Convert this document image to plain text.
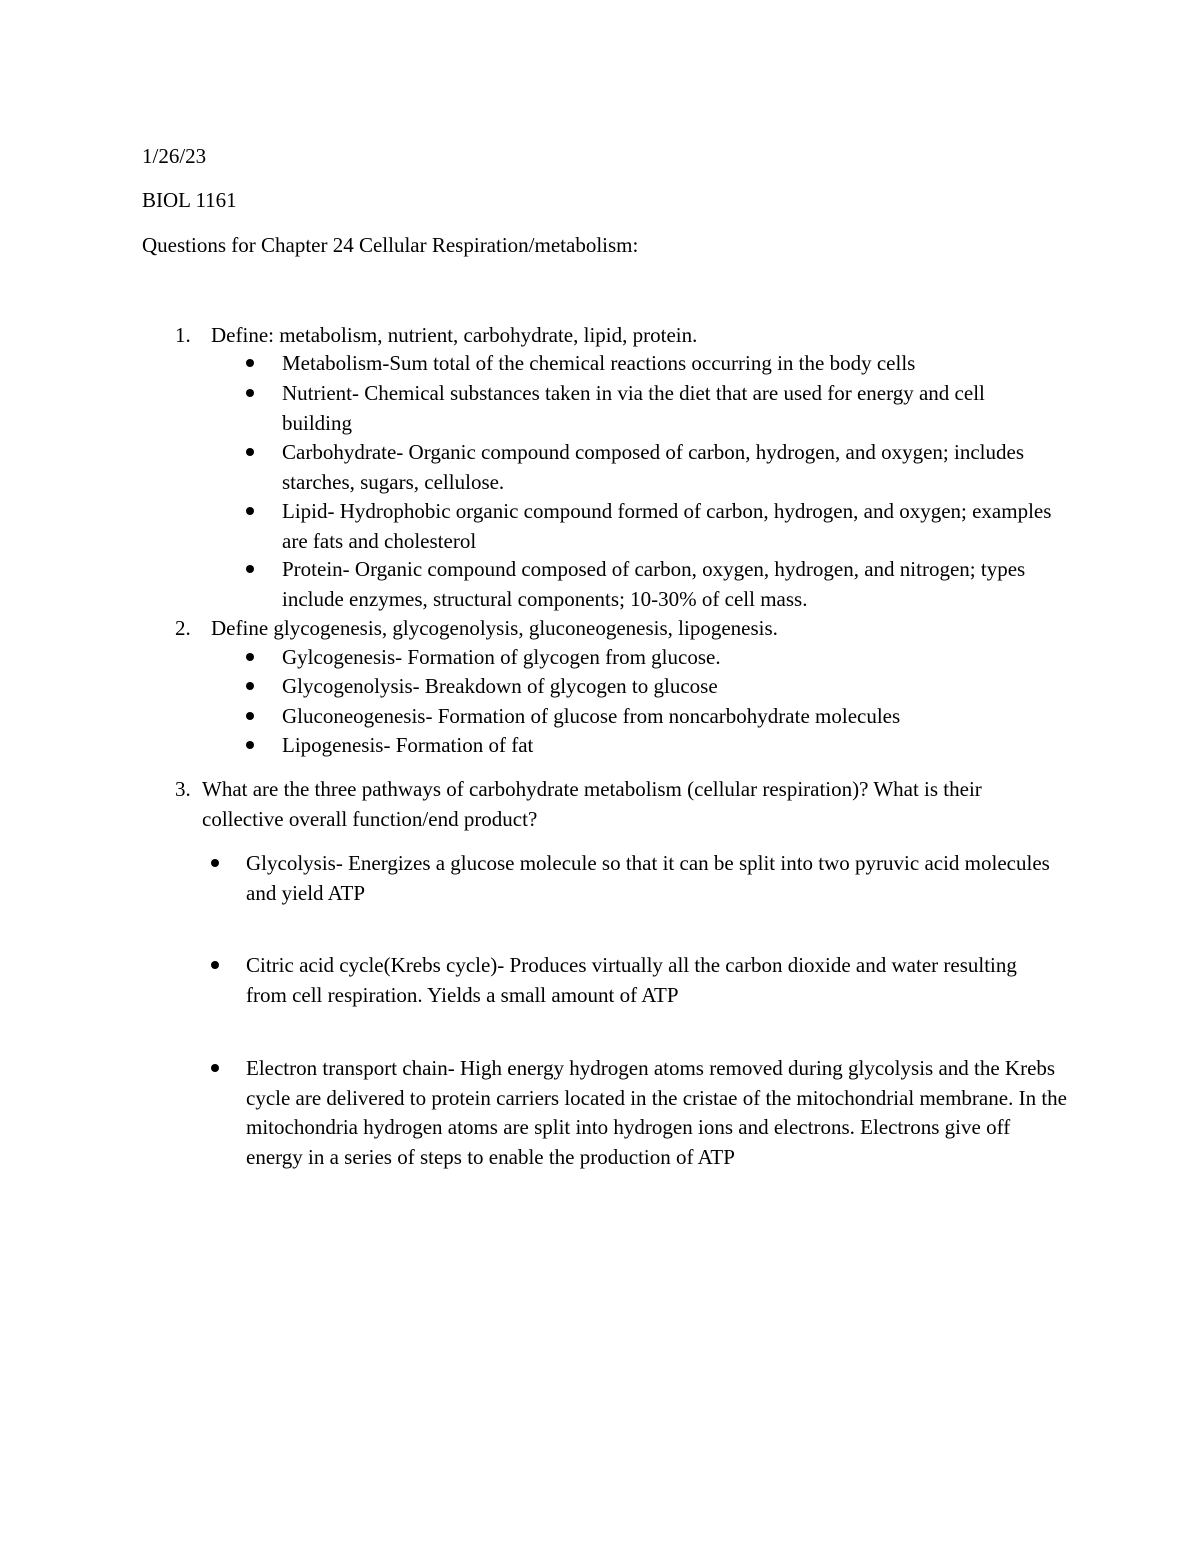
1/26/23
BIOL 1161
Questions for Chapter 24 Cellular Respiration/metabolism:
1. Define: metabolism, nutrient, carbohydrate, lipid, protein.
Metabolism-Sum total of the chemical reactions occurring in the body cells
Nutrient- Chemical substances taken in via the diet that are used for energy and cell building
Carbohydrate- Organic compound composed of carbon, hydrogen, and oxygen; includes starches, sugars, cellulose.
Lipid- Hydrophobic organic compound formed of carbon, hydrogen, and oxygen; examples are fats and cholesterol
Protein- Organic compound composed of carbon, oxygen, hydrogen, and nitrogen; types include enzymes, structural components; 10-30% of cell mass.
2. Define glycogenesis, glycogenolysis, gluconeogenesis, lipogenesis.
Gylcogenesis- Formation of glycogen from glucose.
Glycogenolysis- Breakdown of glycogen to glucose
Gluconeogenesis- Formation of glucose from noncarbohydrate molecules
Lipogenesis- Formation of fat
3. What are the three pathways of carbohydrate metabolism (cellular respiration)? What is their collective overall function/end product?
Glycolysis- Energizes a glucose molecule so that it can be split into two pyruvic acid molecules and yield ATP
Citric acid cycle(Krebs cycle)- Produces virtually all the carbon dioxide and water resulting from cell respiration. Yields a small amount of ATP
Electron transport chain- High energy hydrogen atoms removed during glycolysis and the Krebs cycle are delivered to protein carriers located in the cristae of the mitochondrial membrane. In the mitochondria hydrogen atoms are split into hydrogen ions and electrons. Electrons give off energy in a series of steps to enable the production of ATP
